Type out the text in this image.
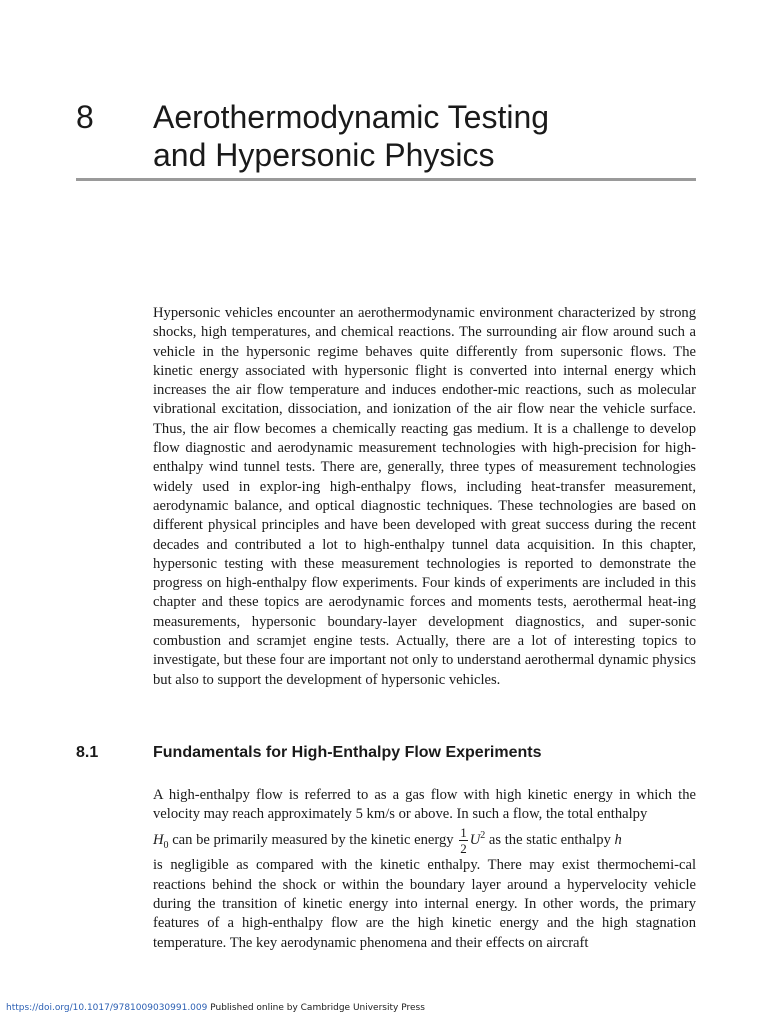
8 Aerothermodynamic Testing
and Hypersonic Physics

Hypersonic vehicles encounter an aerothermodynamic environment characterized by strong shocks, high temperatures, and chemical reactions. The surrounding air flow around such a vehicle in the hypersonic regime behaves quite differently from supersonic flows. The kinetic energy associated with hypersonic flight is converted into internal energy which increases the air flow temperature and induces endother-mic reactions, such as molecular vibrational excitation, dissociation, and ionization of the air flow near the vehicle surface. Thus, the air flow becomes a chemically reacting gas medium. It is a challenge to develop flow diagnostic and aerodynamic measurement technologies with high-precision for high-enthalpy wind tunnel tests. There are, generally, three types of measurement technologies widely used in explor-ing high-enthalpy flows, including heat-transfer measurement, aerodynamic balance, and optical diagnostic techniques. These technologies are based on different physical principles and have been developed with great success during the recent decades and contributed a lot to high-enthalpy tunnel data acquisition. In this chapter, hypersonic testing with these measurement technologies is reported to demonstrate the progress on high-enthalpy flow experiments. Four kinds of experiments are included in this chapter and these topics are aerodynamic forces and moments tests, aerothermal heat-ing measurements, hypersonic boundary-layer development diagnostics, and super-sonic combustion and scramjet engine tests. Actually, there are a lot of interesting topics to investigate, but these four are important not only to understand aerothermal dynamic physics but also to support the development of hypersonic vehicles.

8.1	Fundamentals for High-Enthalpy Flow Experiments

A high-enthalpy flow is referred to as a gas flow with high kinetic energy in which the velocity may reach approximately 5 km/s or above. In such a flow, the total enthalpy

$H_0$ can be primarily measured by the kinetic energy $\frac{1}{2} U^2$ as the static enthalpy h

is negligible as compared with the kinetic enthalpy. There may exist thermochemi-cal reactions behind the shock or within the boundary layer around a hypervelocity vehicle during the transition of kinetic energy into internal energy. In other words, the primary features of a high-enthalpy flow are the high kinetic energy and the high stagnation temperature. The key aerodynamic phenomena and their effects on aircraft

https://doi.org/10.1017/9781009030991.009 Published online by Cambridge University Press
